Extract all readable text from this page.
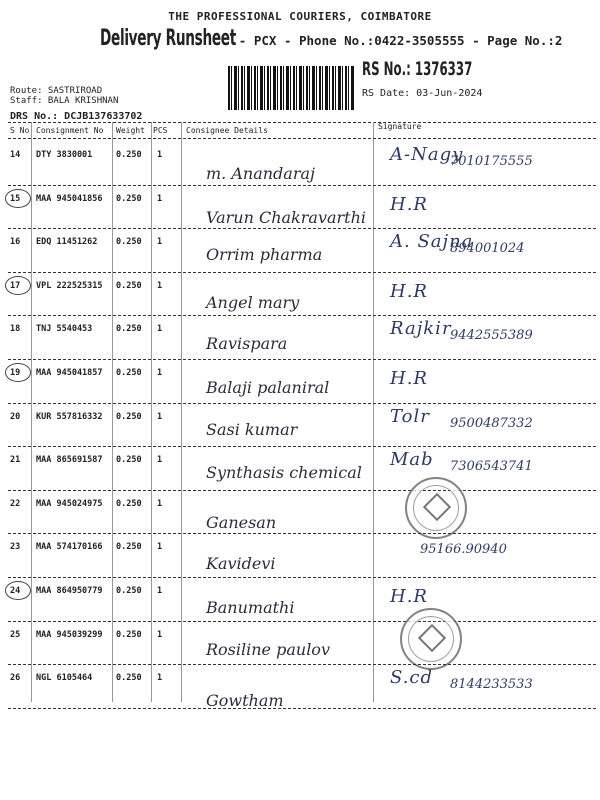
THE PROFESSIONAL COURIERS, COIMBATORE
Delivery Runsheet - PCX - Phone No.:0422-3505555 - Page No.:2
RS No.: 1376337
RS Date: 03-Jun-2024
Route: SASTRIROAD
Staff: BALA KRISHNAN
DRS No.: DCJB137633702
S No Consignment No Weight PCS Consignee Details	Signature
14 DTY 3830001	0.250 1
m. Anandaraj
A-Nagy
7010175555
15 MAA 945041856 0.250 1
Varun Chakravarthi
H.R
16 EDQ 11451262 0.250 1
Orrim pharma
A. Sajna
894001024
17 VPL 222525315 0.250 1
Angel mary
H.R
18 TNJ 5540453	0.250 1
Ravispara
Rajkir
9442555389
19 MAA 945041857 0.250 1
Balaji palaniral	H.R
20 KUR 557816332 0.250 1
Sasi kumar
Tolr 9500487332
21 MAA 865691587 0.250 1
Synthasis chemical
Mab 7306543741
22 MAA 945024975 0.250 1
Ganesan
23 MAA 574170166 0.250 1
Kavidevi
95166.90940
24 MAA 864950779 0.250 1
Banumathi
H.R
25 MAA 945039299 0.250 1
Rosiline paulov
26 NGL 6105464	0.250 1
Gowtham
S.cd 8144233533
